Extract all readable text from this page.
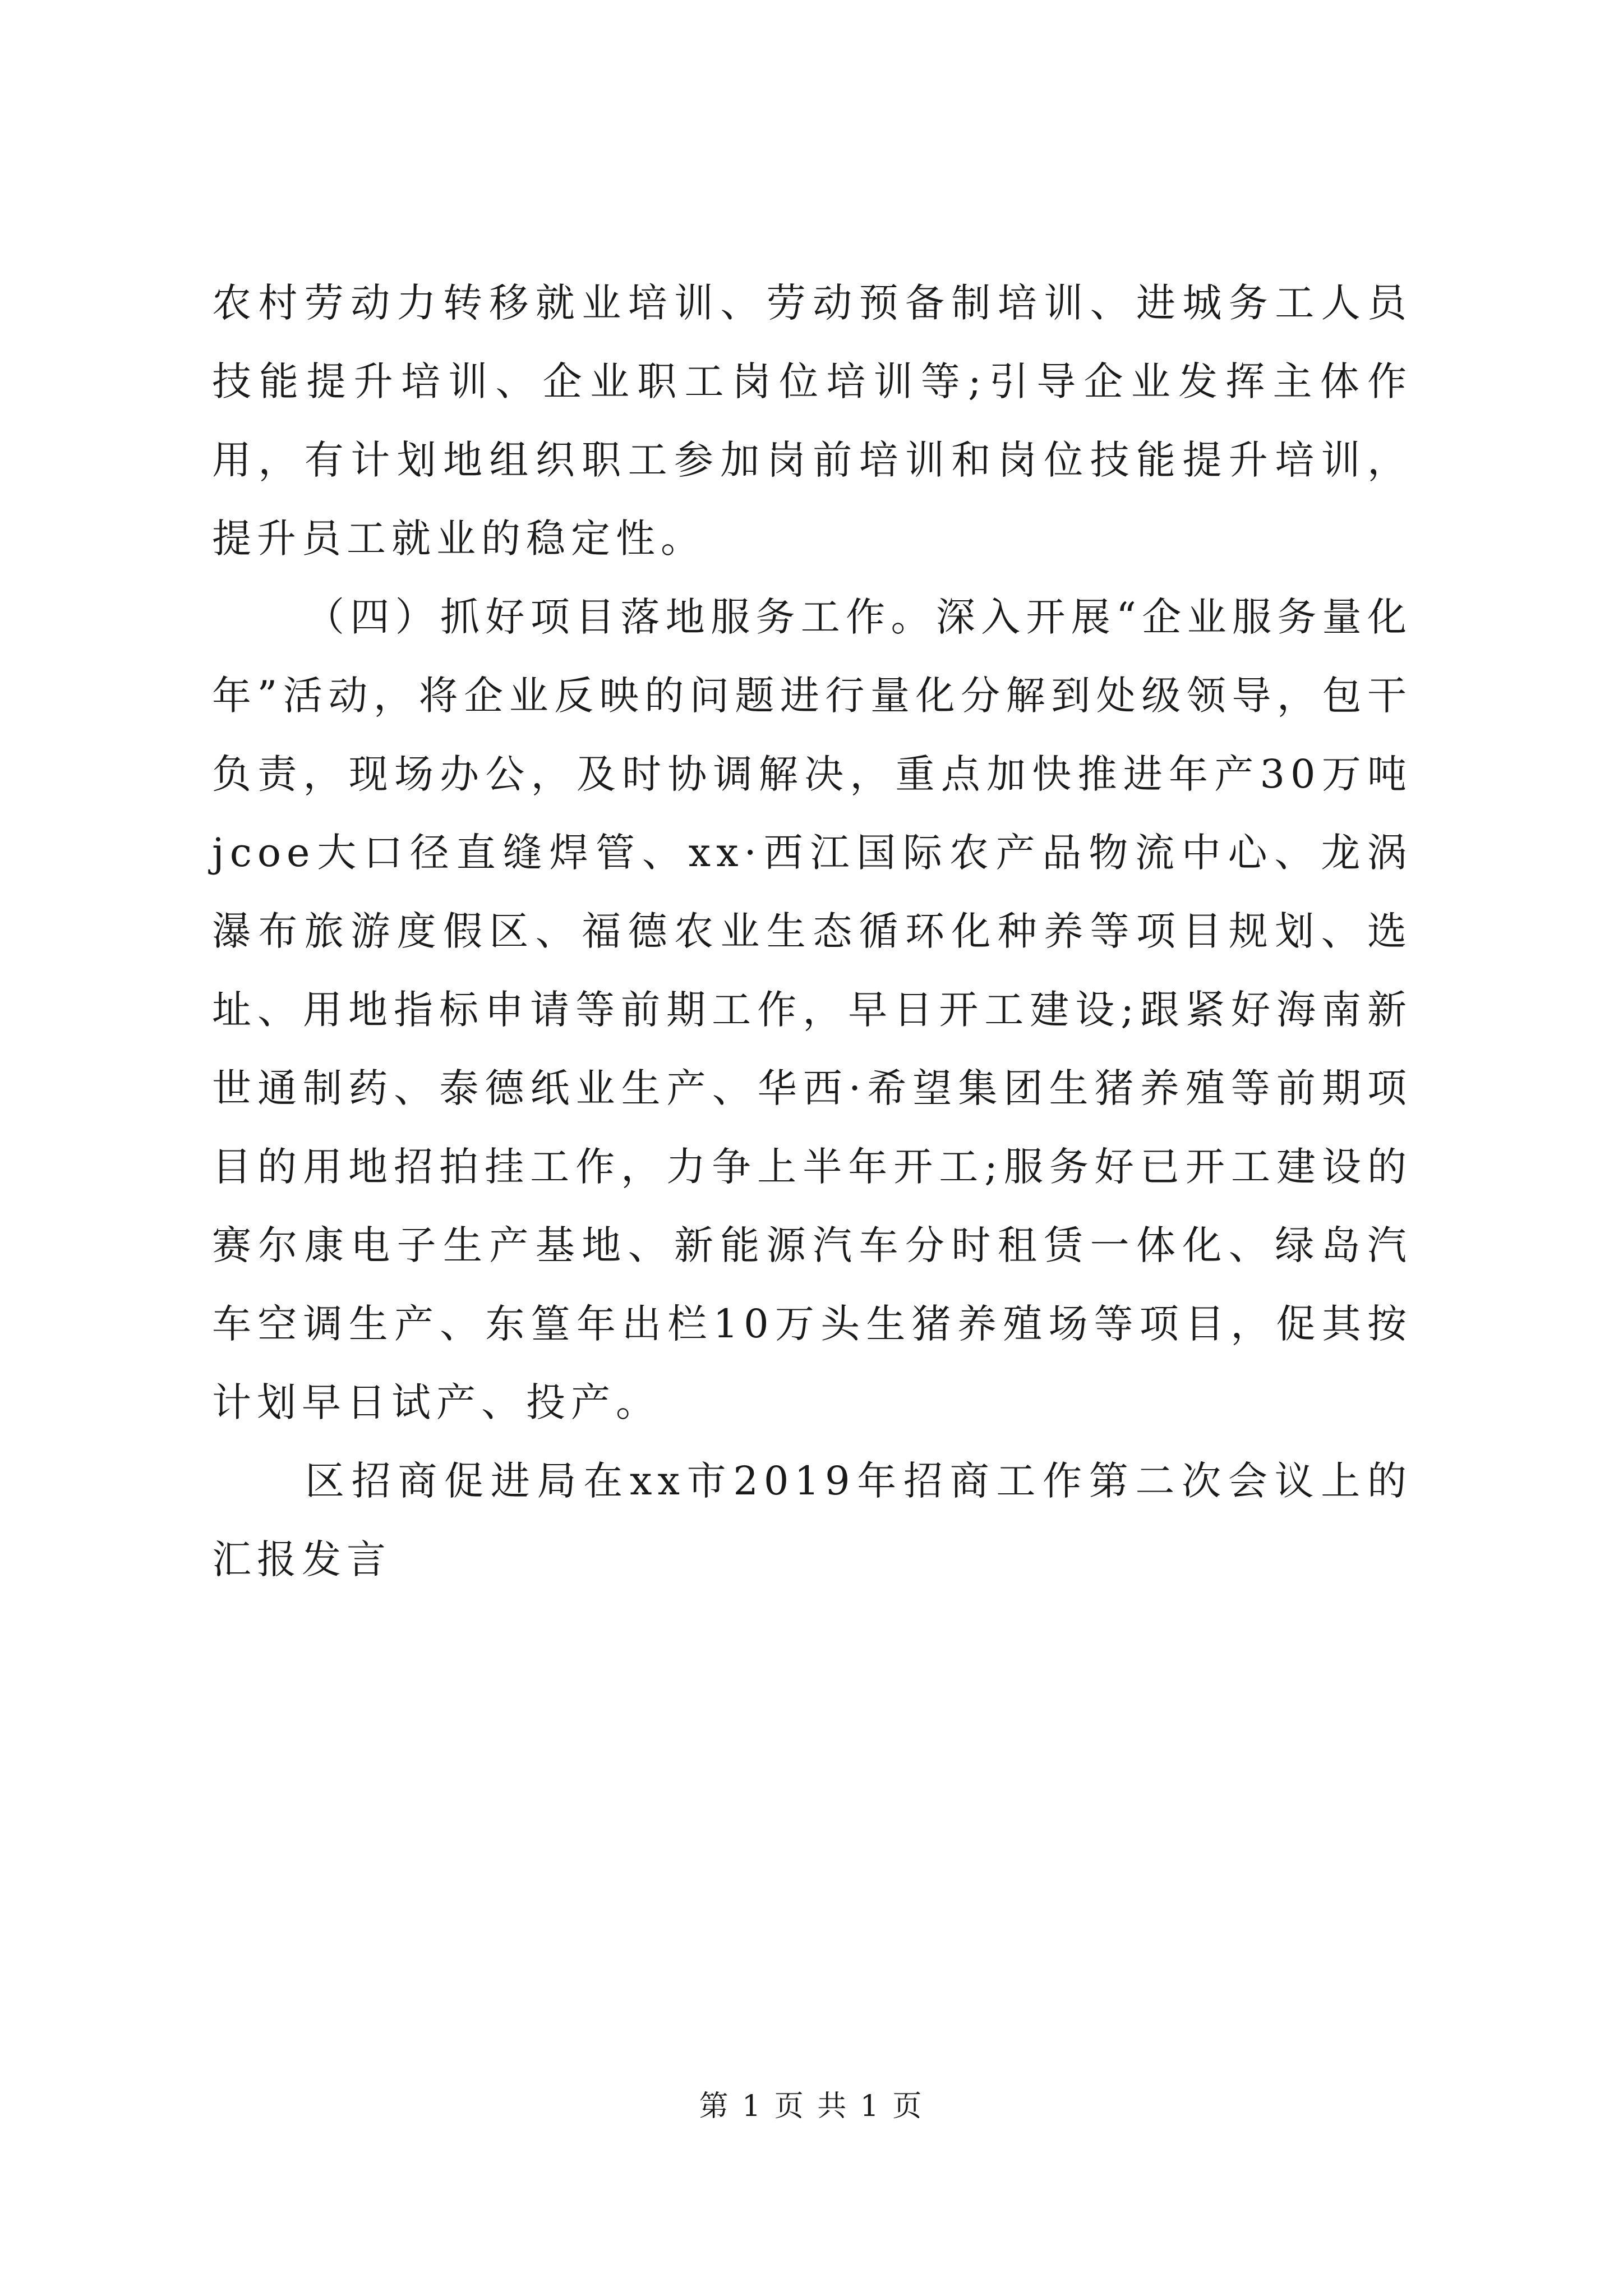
农村劳动力转移就业培训、劳动预备制培训、进城务工人员技能提升培训、企业职工岗位培训等;引导企业发挥主体作用，有计划地组织职工参加岗前培训和岗位技能提升培训，提升员工就业的稳定性。

（四）抓好项目落地服务工作。深入开展“企业服务量化年”活动，将企业反映的问题进行量化分解到处级领导，包干负责，现场办公，及时协调解决，重点加快推进年产30万吨jcoe大口径直缝焊管、xx·西江国际农产品物流中心、龙涡瀑布旅游度假区、福德农业生态循环化种养等项目规划、选址、用地指标申请等前期工作，早日开工建设;跟紧好海南新世通制药、泰德纸业生产、华西·希望集团生猪养殖等前期项目的用地招拍挂工作，力争上半年开工;服务好已开工建设的赛尔康电子生产基地、新能源汽车分时租赁一体化、绿岛汽车空调生产、东篁年出栏10万头生猪养殖场等项目，促其按计划早日试产、投产。

区招商促进局在xx市2019年招商工作第二次会议上的汇报发言

第 1 页 共 1 页
